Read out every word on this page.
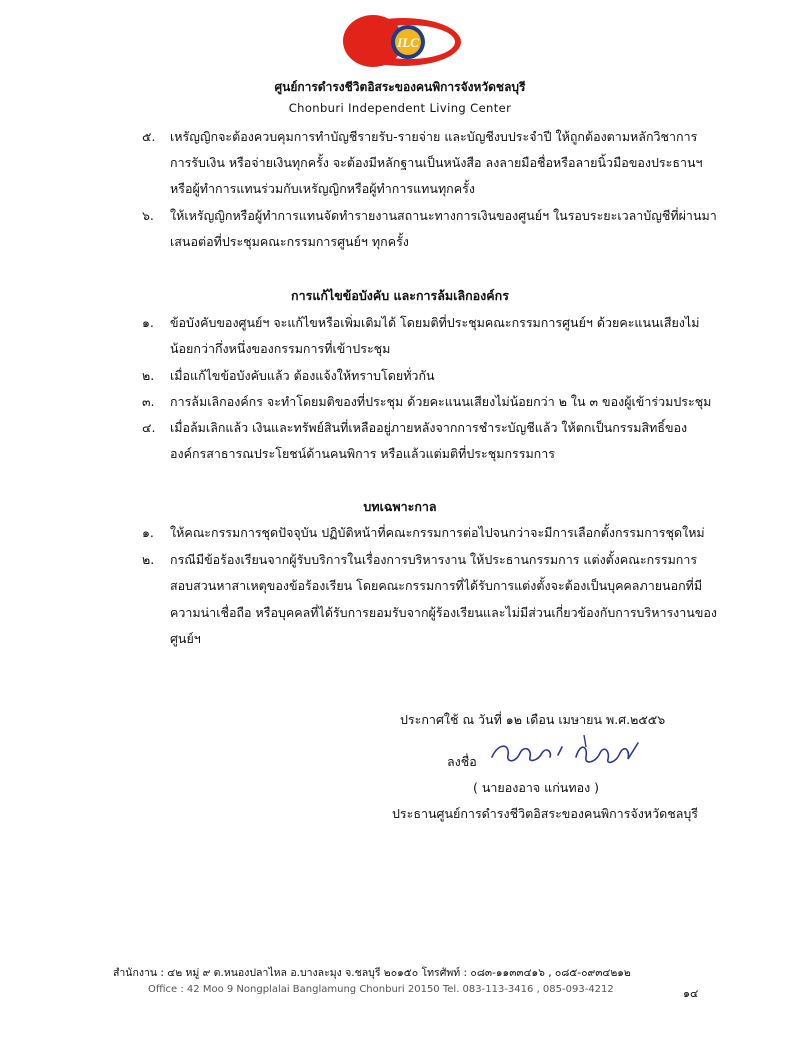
ILC
ศูนย์การดำรงชีวิตอิสระของคนพิการจังหวัดชลบุรี
Chonburi Independent Living Center
๕. เหรัญญิกจะต้องควบคุมการทำบัญชีรายรับ-รายจ่าย และบัญชีงบประจำปี ให้ถูกต้องตามหลักวิชาการ
การรับเงิน หรือจ่ายเงินทุกครั้ง จะต้องมีหลักฐานเป็นหนังสือ ลงลายมือชื่อหรือลายนิ้วมือของประธานฯ
หรือผู้ทำการแทนร่วมกับเหรัญญิกหรือผู้ทำการแทนทุกครั้ง
๖. ให้เหรัญญิกหรือผู้ทำการแทนจัดทำรายงานสถานะทางการเงินของศูนย์ฯ ในรอบระยะเวลาบัญชีที่ผ่านมา
เสนอต่อที่ประชุมคณะกรรมการศูนย์ฯ ทุกครั้ง
การแก้ไขข้อบังคับ และการล้มเลิกองค์กร
๑. ข้อบังคับของศูนย์ฯ จะแก้ไขหรือเพิ่มเติมได้ โดยมติที่ประชุมคณะกรรมการศูนย์ฯ ด้วยคะแนนเสียงไม่
น้อยกว่ากึ่งหนึ่งของกรรมการที่เข้าประชุม
๒. เมื่อแก้ไขข้อบังคับแล้ว ต้องแจ้งให้ทราบโดยทั่วกัน
๓. การล้มเลิกองค์กร จะทำโดยมติของที่ประชุม ด้วยคะแนนเสียงไม่น้อยกว่า ๒ ใน ๓ ของผู้เข้าร่วมประชุม
๔. เมื่อล้มเลิกแล้ว เงินและทรัพย์สินที่เหลืออยู่ภายหลังจากการชำระบัญชีแล้ว ให้ตกเป็นกรรมสิทธิ์ของ
องค์กรสาธารณประโยชน์ด้านคนพิการ หรือแล้วแต่มติที่ประชุมกรรมการ
บทเฉพาะกาล
๑. ให้คณะกรรมการชุดปัจจุบัน ปฏิบัติหน้าที่คณะกรรมการต่อไปจนกว่าจะมีการเลือกตั้งกรรมการชุดใหม่
๒. กรณีมีข้อร้องเรียนจากผู้รับบริการในเรื่องการบริหารงาน ให้ประธานกรรมการ แต่งตั้งคณะกรรมการ
สอบสวนหาสาเหตุของข้อร้องเรียน โดยคณะกรรมการที่ได้รับการแต่งตั้งจะต้องเป็นบุคคลภายนอกที่มี
ความน่าเชื่อถือ หรือบุคคลที่ได้รับการยอมรับจากผู้ร้องเรียนและไม่มีส่วนเกี่ยวข้องกับการบริหารงานของ
ศูนย์ฯ
ประกาศใช้ ณ วันที่ ๑๒ เดือน เมษายน พ.ศ.๒๕๕๖
ลงชื่อ
นงอาจ แก่นทอง
( นายองอาจ แก่นทอง )
ประธานศูนย์การดำรงชีวิตอิสระของคนพิการจังหวัดชลบุรี
สำนักงาน : ๔๒ หมู่ ๙ ต.หนองปลาไหล อ.บางละมุง จ.ชลบุรี ๒๐๑๕๐ โทรศัพท์ : ๐๘๓-๑๑๓๓๔๑๖ , ๐๘๕-๐๙๓๔๒๑๒
Office : 42 Moo 9 Nongplalai Banglamung Chonburi 20150 Tel. 083-113-3416 , 085-093-4212	๑๔
